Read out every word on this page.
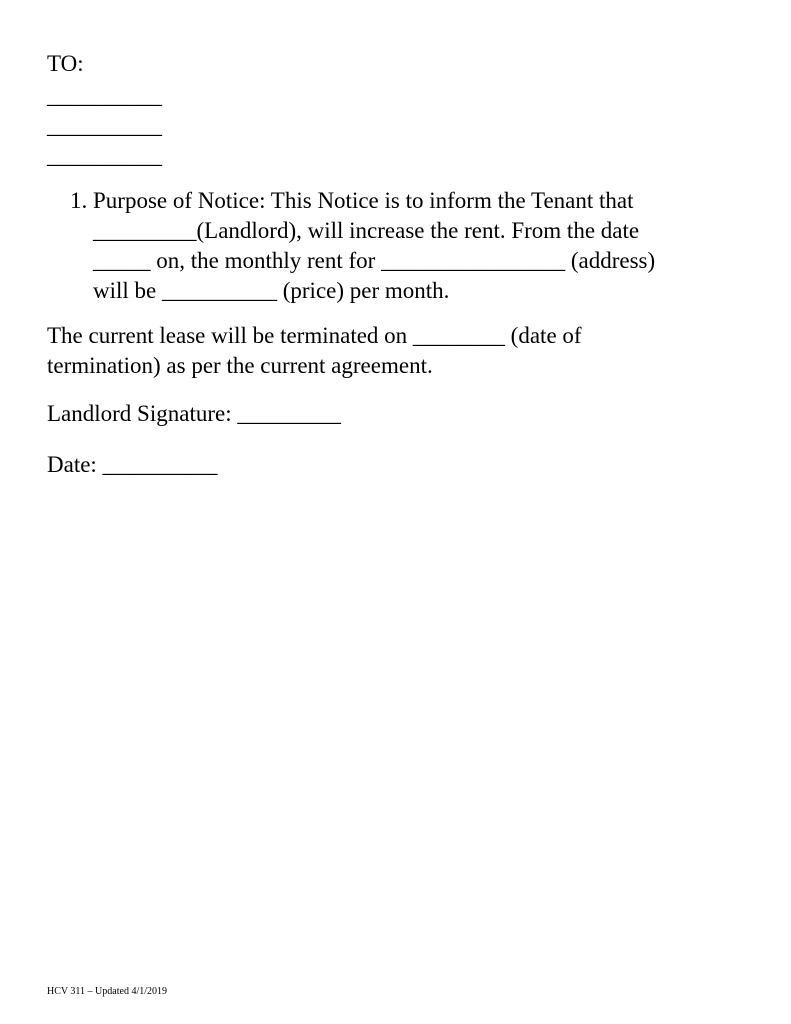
TO:
__________
__________
__________
1. Purpose of Notice: This Notice is to inform the Tenant that
_________(Landlord), will increase the rent. From the date
_____ on, the monthly rent for ________________ (address)
will be __________ (price) per month.
The current lease will be terminated on ________ (date of
termination) as per the current agreement.
Landlord Signature: _________
Date: __________
HCV 311 – Updated 4/1/2019
